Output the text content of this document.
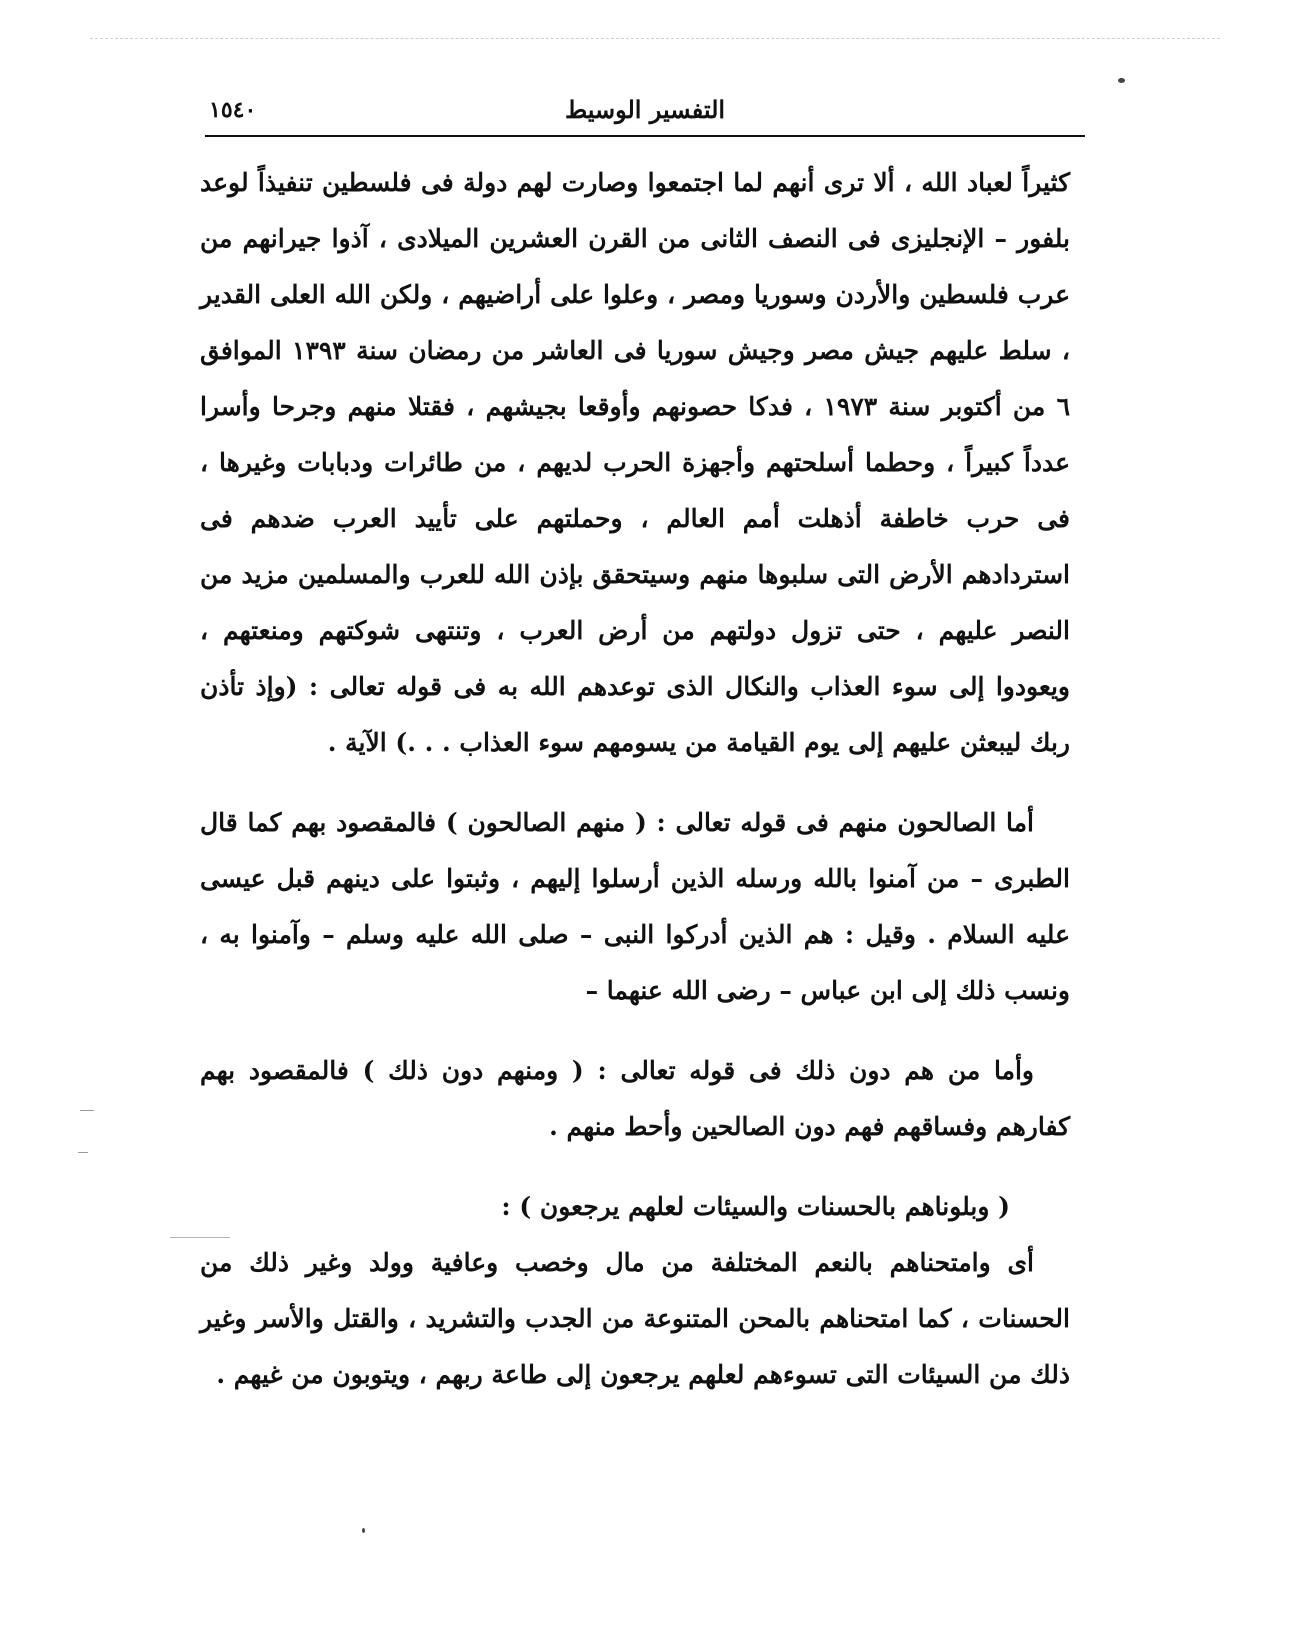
١٥٤٠	التفسير الوسيط

كثيراً لعباد الله ، ألا ترى أنهم لما اجتمعوا وصارت لهم دولة فى فلسطين تنفيذاً لوعد بلفور – الإنجليزى فى النصف الثانى من القرن العشرين الميلادى ، آذوا جيرانهم من عرب فلسطين والأردن وسوريا ومصر ، وعلوا على أراضيهم ، ولكن الله العلى القدير ، سلط عليهم جيش مصر وجيش سوريا فى العاشر من رمضان سنة ١٣٩٣ الموافق ٦ من أكتوبر سنة ١٩٧٣ ، فدكا حصونهم وأوقعا بجيشهم ، فقتلا منهم وجرحا وأسرا عدداً كبيراً ، وحطما أسلحتهم وأجهزة الحرب لديهم ، من طائرات ودبابات وغيرها ، فى حرب خاطفة أذهلت أمم العالم ، وحملتهم على تأييد العرب ضدهم فى استردادهم الأرض التى سلبوها منهم وسيتحقق بإذن الله للعرب والمسلمين مزيد من النصر عليهم ، حتى تزول دولتهم من أرض العرب ، وتنتهى شوكتهم ومنعتهم ، ويعودوا إلى سوء العذاب والنكال الذى توعدهم الله به فى قوله تعالى : (وإذ تأذن ربك ليبعثن عليهم إلى يوم القيامة من يسومهم سوء العذاب . . .) الآية .

أما الصالحون منهم فى قوله تعالى : ( منهم الصالحون ) فالمقصود بهم كما قال الطبرى – من آمنوا بالله ورسله الذين أرسلوا إليهم ، وثبتوا على دينهم قبل عيسى عليه السلام . وقيل : هم الذين أدركوا النبى – صلى الله عليه وسلم – وآمنوا به ، ونسب ذلك إلى ابن عباس – رضى الله عنهما –

وأما من هم دون ذلك فى قوله تعالى : ( ومنهم دون ذلك ) فالمقصود بهم كفارهم وفساقهم فهم دون الصالحين وأحط منهم .

( وبلوناهم بالحسنات والسيئات لعلهم يرجعون ) :

أى وامتحناهم بالنعم المختلفة من مال وخصب وعافية وولد وغير ذلك من الحسنات ، كما امتحناهم بالمحن المتنوعة من الجدب والتشريد ، والقتل والأسر وغير ذلك من السيئات التى تسوءهم لعلهم يرجعون إلى طاعة ربهم ، ويتوبون من غيهم .
